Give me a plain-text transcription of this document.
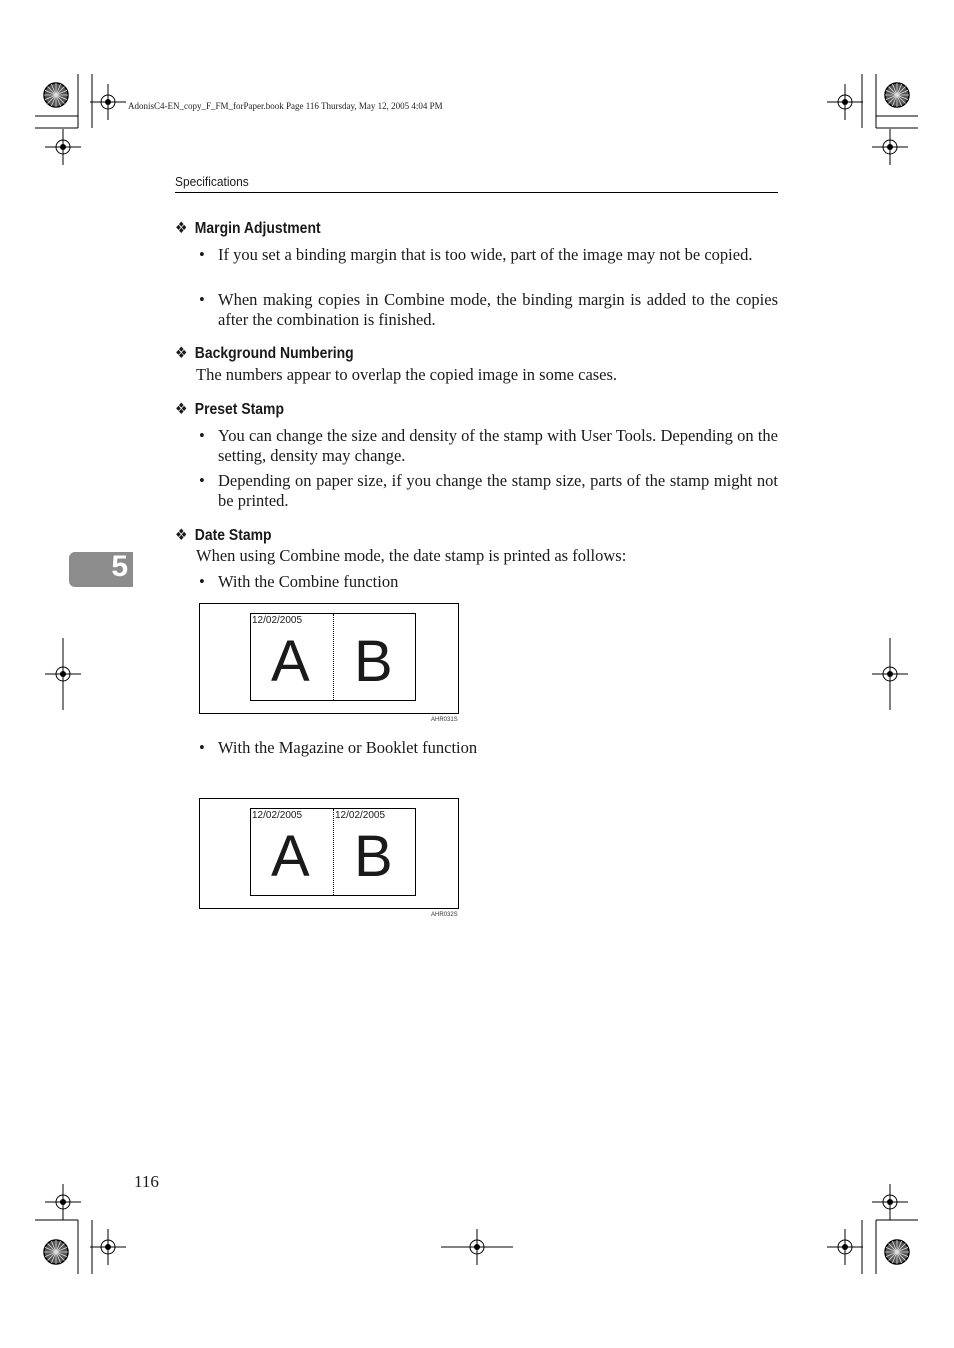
AdonisC4-EN_copy_F_FM_forPaper.book Page 116 Thursday, May 12, 2005 4:04 PM
Specifications
❖ Margin Adjustment
• If you set a binding margin that is too wide, part of the image may not be copied.
• When making copies in Combine mode, the binding margin is added to the copies after the combination is finished.
❖ Background Numbering
The numbers appear to overlap the copied image in some cases.
❖ Preset Stamp
• You can change the size and density of the stamp with User Tools. Depending on the setting, density may change.
• Depending on paper size, if you change the stamp size, parts of the stamp might not be printed.
❖ Date Stamp
When using Combine mode, the date stamp is printed as follows:
• With the Combine function
5
12/02/2005
A B
AHR031S
• With the Magazine or Booklet function
12/02/2005	12/02/2005
A B
AHR032S
116
